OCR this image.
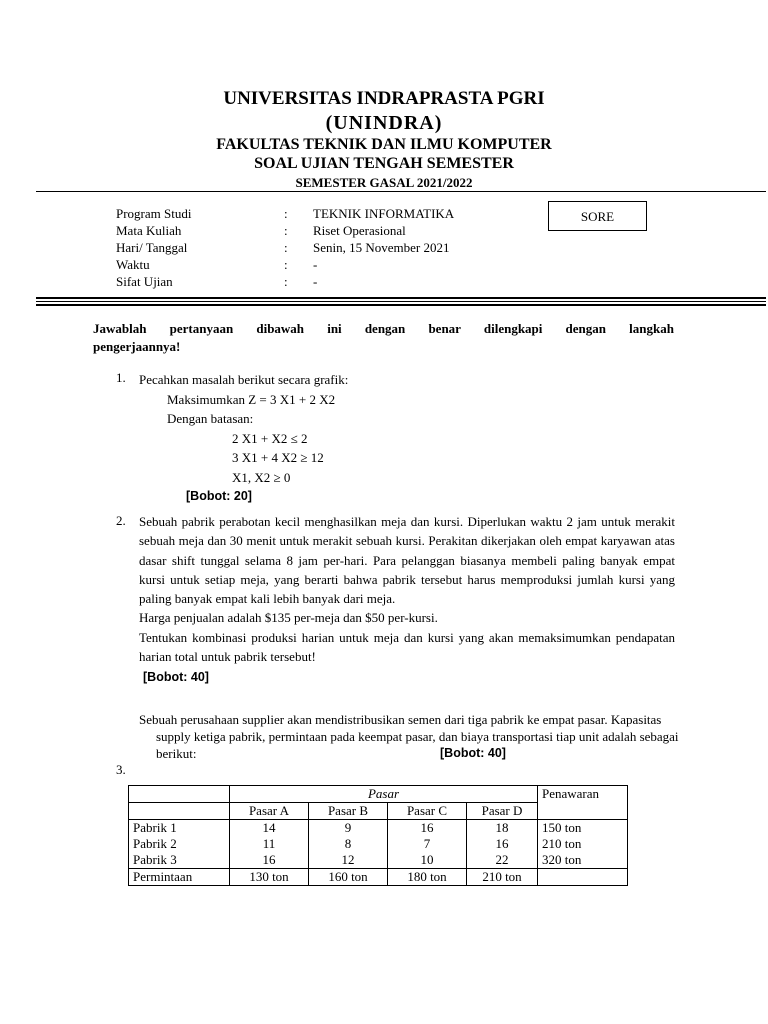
UNIVERSITAS INDRAPRASTA PGRI
(UNINDRA)
FAKULTAS TEKNIK DAN ILMU KOMPUTER
SOAL UJIAN TENGAH SEMESTER
SEMESTER GASAL 2021/2022
Program Studi	: TEKNIK INFORMATIKA
Mata Kuliah	: Riset Operasional
Hari/ Tanggal	: Senin, 15 November 2021
Waktu	: -
Sifat Ujian	: -
SORE
Jawablah pertanyaan dibawah ini dengan benar dilengkapi dengan langkah
pengerjaannya!
1. Pecahkan masalah berikut secara grafik:
Maksimumkan Z = 3 X1 + 2 X2
Dengan batasan:
2 X1 + X2 ≤ 2
3 X1 + 4 X2 ≥ 12
X1, X2 ≥ 0
[Bobot: 20]
2. Sebuah pabrik perabotan kecil menghasilkan meja dan kursi. Diperlukan waktu 2 jam untuk merakit sebuah meja dan 30 menit untuk merakit sebuah kursi. Perakitan dikerjakan oleh empat karyawan atas dasar shift tunggal selama 8 jam per-hari. Para pelanggan biasanya membeli paling banyak empat kursi untuk setiap meja, yang berarti bahwa pabrik tersebut harus memproduksi jumlah kursi yang paling banyak empat kali lebih banyak dari meja.

Harga penjualan adalah $135 per-meja dan $50 per-kursi.

Tentukan kombinasi produksi harian untuk meja dan kursi yang akan memaksimumkan pendapatan harian total untuk pabrik tersebut!

[Bobot: 40]

Sebuah perusahaan supplier akan mendistribusikan semen dari tiga pabrik ke empat pasar. Kapasitas supply ketiga pabrik, permintaan pada keempat pasar, dan biaya transportasi tiap unit adalah sebagai berikut:	[Bobot: 40]
3.
	Pasar				Penawaran
	Pasar A	Pasar B	Pasar C	Pasar D	
Pabrik 1	14	9	16	18	150 ton
Pabrik 2	11	8	7	16	210 ton
Pabrik 3	16	12	10	22	320 ton
Permintaan	130 ton	160 ton	180 ton	210 ton	
